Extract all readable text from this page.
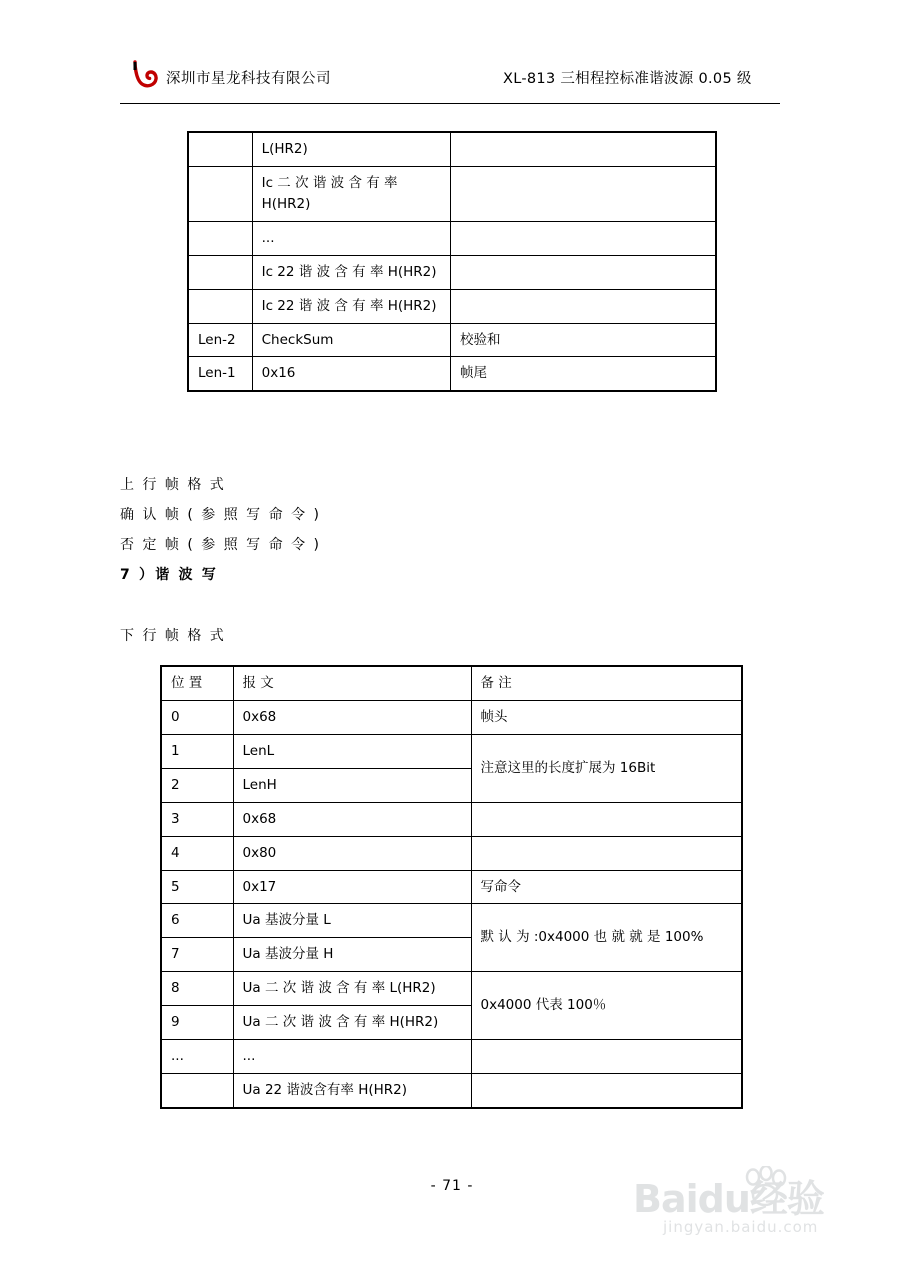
深圳市星龙科技有限公司	XL-813 三相程控标准谐波源 0.05 级
	L(HR2)	
	Ic 二 次 谐 波 含 有 率 H(HR2)	
	...	
	Ic 22 谐 波 含 有 率 H(HR2)	
	Ic 22 谐 波 含 有 率 H(HR2)	
Len-2	CheckSum	校验和
Len-1	0x16	帧尾
上 行 帧 格 式
确 认 帧 ( 参 照 写 命 令 )
否 定 帧 ( 参 照 写 命 令 )
7 ）谐 波 写
下 行 帧 格 式
位 置	报 文	备 注
0	0x68	帧头
1	LenL	注意这里的长度扩展为 16Bit
2	LenH	
3	0x68	
4	0x80	
5	0x17	写命令
6	Ua 基波分量 L	默 认 为 :0x4000 也 就 就 是 100%
7	Ua 基波分量 H	
8	Ua 二 次 谐 波 含 有 率 L(HR2)	0x4000 代表 100％
9	Ua 二 次 谐 波 含 有 率 H(HR2)	
...	...	
	Ua 22 谐波含有率 H(HR2)	
- 71 -	Baidu经验
jingyan.baidu.com
